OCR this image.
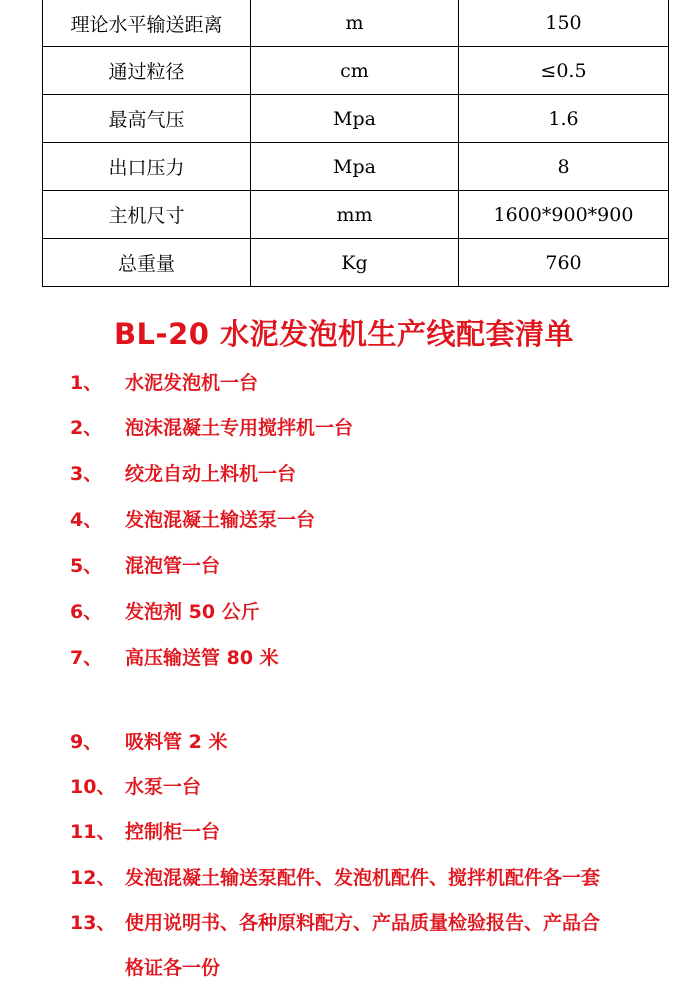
理论水平输送距离	m	150
通过粒径	cm	≤0.5
最高气压	Mpa	1.6
出口压力	Mpa	8
主机尺寸	mm	1600*900*900
总重量	Kg	760
BL-20 水泥发泡机生产线配套清单
1、 水泥发泡机一台
2、 泡沫混凝土专用搅拌机一台
3、 绞龙自动上料机一台
4、 发泡混凝土输送泵一台
5、 混泡管一台
6、 发泡剂 50 公斤
7、 高压输送管 80 米
9、 吸料管 2 米
10、 水泵一台
11、 控制柜一台
12、 发泡混凝土输送泵配件、发泡机配件、搅拌机配件各一套
13、 使用说明书、各种原料配方、产品质量检验报告、产品合
格证各一份
